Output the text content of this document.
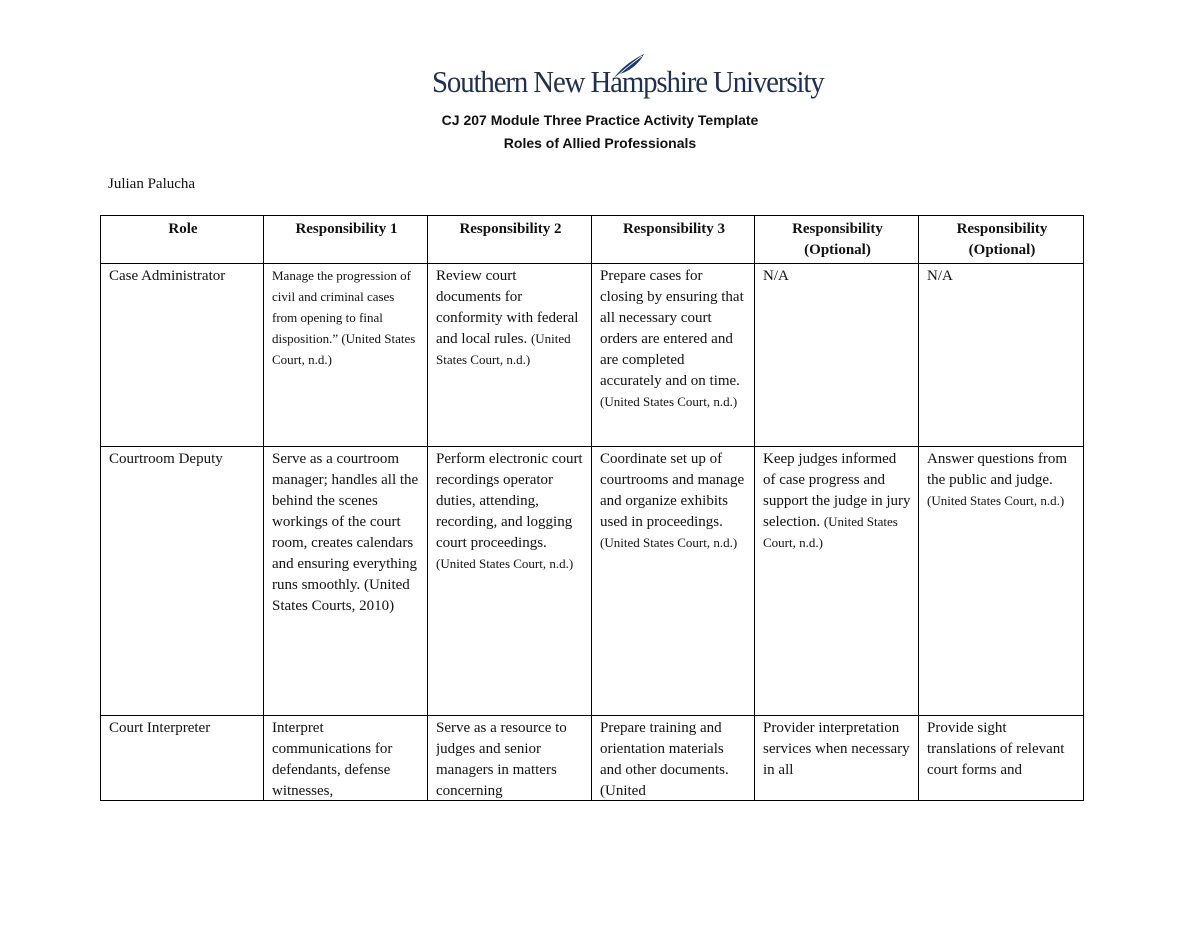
Southern New Hampshire University
CJ 207 Module Three Practice Activity Template
Roles of Allied Professionals
Julian Palucha
Role	Responsibility 1	Responsibility 2	Responsibility 3	Responsibility (Optional)	Responsibility (Optional)
Case Administrator	Manage the progression of civil and criminal cases from opening to final disposition.” (United States Court, n.d.)	Review court documents for conformity with federal and local rules. (United States Court, n.d.)	Prepare cases for closing by ensuring that all necessary court orders are entered and are completed accurately and on time. (United States Court, n.d.)	N/A	N/A
Courtroom Deputy	Serve as a courtroom manager; handles all the behind the scenes workings of the court room, creates calendars and ensuring everything runs smoothly. (United States Courts, 2010)	Perform electronic court recordings operator duties, attending, recording, and logging court proceedings. (United States Court, n.d.)	Coordinate set up of courtrooms and manage and organize exhibits used in proceedings. (United States Court, n.d.)	Keep judges informed of case progress and support the judge in jury selection. (United States Court, n.d.)	Answer questions from the public and judge. (United States Court, n.d.)

Court Interpreter	Interpret communications for defendants, defense witnesses,	Serve as a resource to judges and senior managers in matters concerning	Prepare training and orientation materials and other documents. (United	Provider interpretation services when necessary in all	Provide sight translations of relevant court forms and
